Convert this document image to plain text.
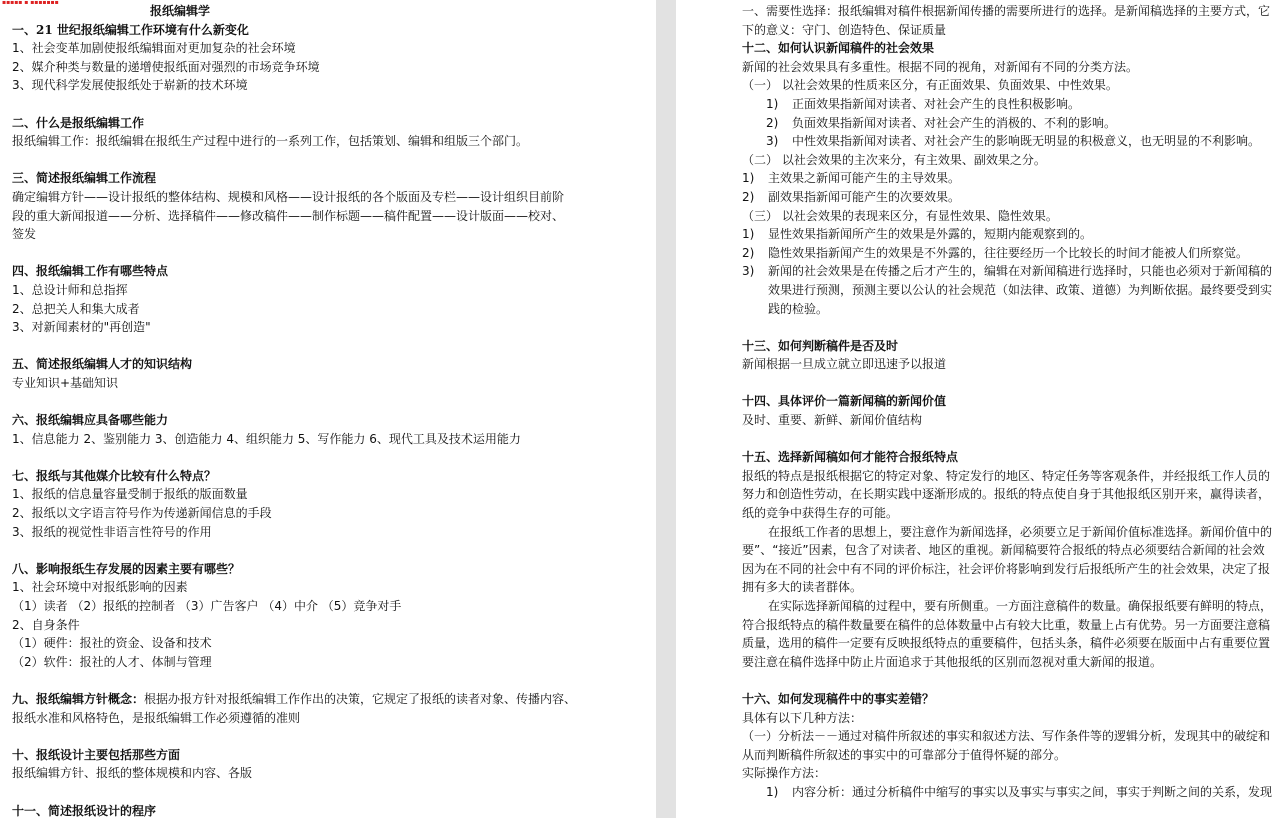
▪▪▪▪▪ ▪ ▪▪▪▪▪▪▪
报纸编辑学
一、21 世纪报纸编辑工作环境有什么新变化
1、社会变革加剧使报纸编辑面对更加复杂的社会环境
2、媒介种类与数量的递增使报纸面对强烈的市场竞争环境
3、现代科学发展使报纸处于崭新的技术环境
二、什么是报纸编辑工作
报纸编辑工作：报纸编辑在报纸生产过程中进行的一系列工作，包括策划、编辑和组版三个部门。
三、简述报纸编辑工作流程
确定编辑方针——设计报纸的整体结构、规模和风格——设计报纸的各个版面及专栏——设计组织目前阶
段的重大新闻报道——分析、选择稿件——修改稿件——制作标题——稿件配置——设计版面——校对、
签发
四、报纸编辑工作有哪些特点
1、总设计师和总指挥
2、总把关人和集大成者
3、对新闻素材的"再创造"
五、简述报纸编辑人才的知识结构
专业知识+基础知识
六、报纸编辑应具备哪些能力
1、信息能力 2、鉴别能力 3、创造能力 4、组织能力 5、写作能力 6、现代工具及技术运用能力
七、报纸与其他媒介比较有什么特点？
1、报纸的信息量容量受制于报纸的版面数量
2、报纸以文字语言符号作为传递新闻信息的手段
3、报纸的视觉性非语言性符号的作用
八、影响报纸生存发展的因素主要有哪些？
1、社会环境中对报纸影响的因素
（1）读者 （2）报纸的控制者 （3）广告客户 （4）中介 （5）竞争对手
2、自身条件
（1）硬件：报社的资金、设备和技术
（2）软件：报社的人才、体制与管理
九、报纸编辑方针概念：根据办报方针对报纸编辑工作作出的决策，它规定了报纸的读者对象、传播内容、
报纸水准和风格特色，是报纸编辑工作必须遵循的准则
十、报纸设计主要包括那些方面
报纸编辑方针、报纸的整体规模和内容、各版
十一、简述报纸设计的程序
一、需要性选择：报纸编辑对稿件根据新闻传播的需要所进行的选择。是新闻稿选择的主要方式，它
下的意义：守门、创造特色、保证质量
十二、如何认识新闻稿件的社会效果
新闻的社会效果具有多重性。根据不同的视角，对新闻有不同的分类方法。
（一） 以社会效果的性质来区分，有正面效果、负面效果、中性效果。
1) 正面效果指新闻对读者、对社会产生的良性积极影响。
2) 负面效果指新闻对读者、对社会产生的消极的、不利的影响。
3) 中性效果指新闻对读者、对社会产生的影响既无明显的积极意义，也无明显的不利影响。
（二） 以社会效果的主次来分，有主效果、副效果之分。
1) 主效果之新闻可能产生的主导效果。
2) 副效果指新闻可能产生的次要效果。
（三） 以社会效果的表现来区分，有显性效果、隐性效果。
1) 显性效果指新闻所产生的效果是外露的，短期内能观察到的。
2) 隐性效果指新闻产生的效果是不外露的，往往要经历一个比较长的时间才能被人们所察觉。
3) 新闻的社会效果是在传播之后才产生的，编辑在对新闻稿进行选择时，只能也必须对于新闻稿的
效果进行预测，预测主要以公认的社会规范（如法律、政策、道德）为判断依据。最终要受到实
践的检验。
十三、如何判断稿件是否及时
新闻根据一旦成立就立即迅速予以报道
十四、具体评价一篇新闻稿的新闻价值
及时、重要、新鲜、新闻价值结构
十五、选择新闻稿如何才能符合报纸特点
报纸的特点是报纸根据它的特定对象、特定发行的地区、特定任务等客观条件，并经报纸工作人员的
努力和创造性劳动，在长期实践中逐渐形成的。报纸的特点使自身于其他报纸区别开来，赢得读者，
纸的竞争中获得生存的可能。
在报纸工作者的思想上，要注意作为新闻选择，必须要立足于新闻价值标准选择。新闻价值中的
要”、“接近”因素，包含了对读者、地区的重视。新闻稿要符合报纸的特点必须要结合新闻的社会效
因为在不同的社会中有不同的评价标注，社会评价将影响到发行后报纸所产生的社会效果，决定了报
拥有多大的读者群体。
在实际选择新闻稿的过程中，要有所侧重。一方面注意稿件的数量。确保报纸要有鲜明的特点，
符合报纸特点的稿件数量要在稿件的总体数量中占有较大比重，数量上占有优势。另一方面要注意稿
质量，选用的稿件一定要有反映报纸特点的重要稿件，包括头条，稿件必须要在版面中占有重要位置
要注意在稿件选择中防止片面追求于其他报纸的区别而忽视对重大新闻的报道。
十六、如何发现稿件中的事实差错？
具体有以下几种方法：
（一）分析法－－通过对稿件所叙述的事实和叙述方法、写作条件等的逻辑分析，发现其中的破绽和
从而判断稿件所叙述的事实中的可靠部分于值得怀疑的部分。
实际操作方法：
1) 内容分析：通过分析稿件中缩写的事实以及事实与事实之间，事实于判断之间的关系，发现
